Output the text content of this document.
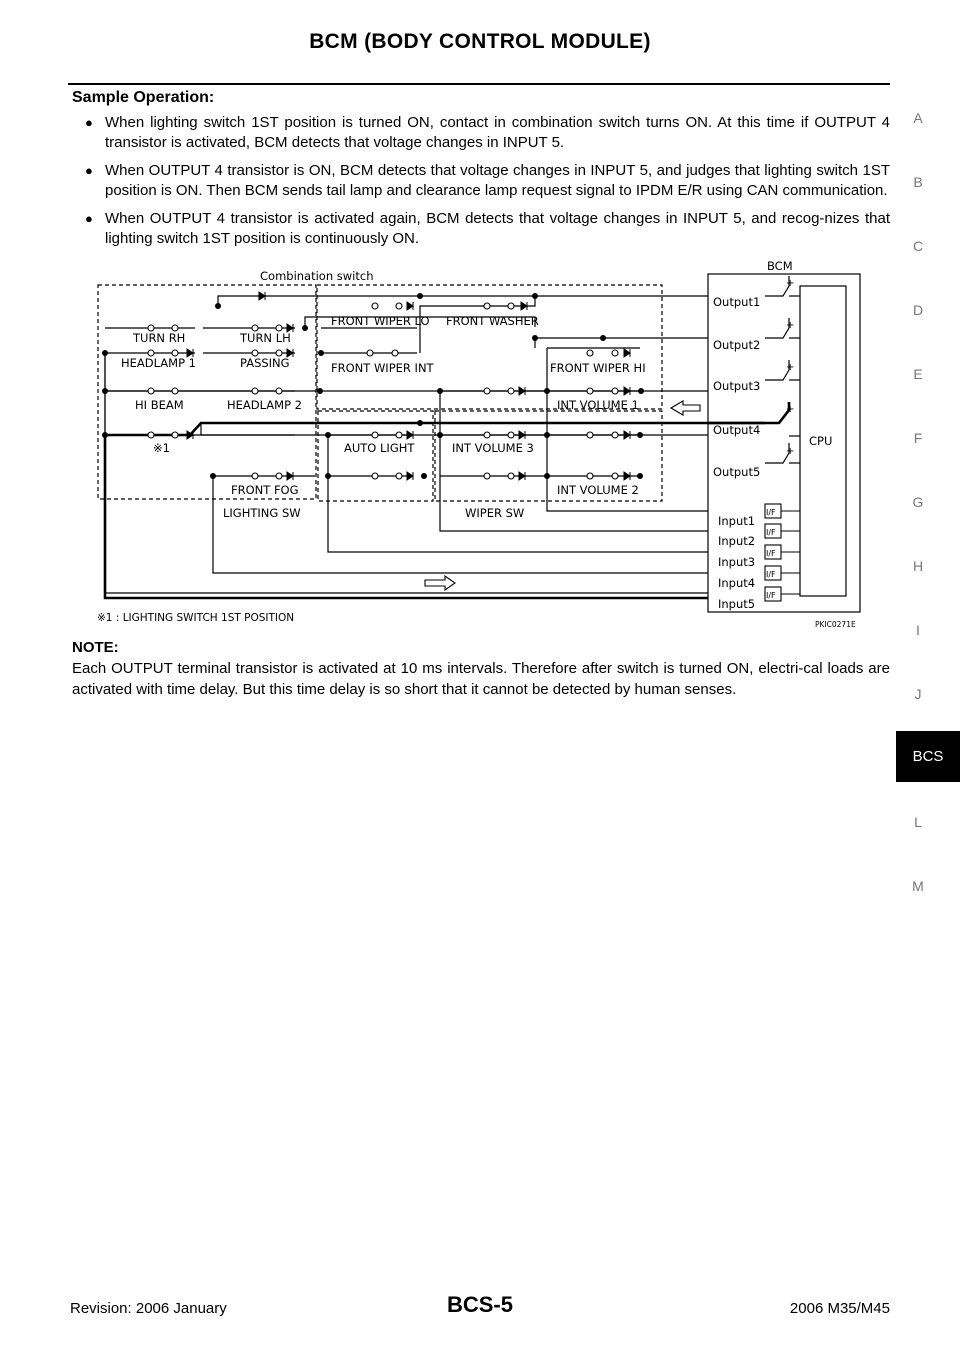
BCM (BODY CONTROL MODULE)
Sample Operation:
● When lighting switch 1ST position is turned ON, contact in combination switch turns ON. At this time if OUTPUT 4 transistor is activated, BCM detects that voltage changes in INPUT 5.
● When OUTPUT 4 transistor is ON, BCM detects that voltage changes in INPUT 5, and judges that lighting switch 1ST position is ON. Then BCM sends tail lamp and clearance lamp request signal to IPDM E/R using CAN communication.
● When OUTPUT 4 transistor is activated again, BCM detects that voltage changes in INPUT 5, and recog-nizes that lighting switch 1ST position is continuously ON.
Combination switch
BCM
CPU
TURN RH	TURN LH
HEADLAMP 1	PASSING
HI BEAM	HEADLAMP 2
※1
FRONT FOG
LIGHTING SW
FRONT WIPER LO FRONT WASHER
FRONT WIPER INT	FRONT WIPER HI
INT VOLUME 1
AUTO LIGHT	INT VOLUME 3
INT VOLUME 2
WIPER SW
Output1
Output2
Output3
Output4
Output5
Input1
Input2
Input3
Input4
Input5
I/F
I/F
I/F
I/F
I/F
+
+
+
+
+
※1 : LIGHTING SWITCH 1ST POSITION
PKIC0271E
NOTE:
Each OUTPUT terminal transistor is activated at 10 ms intervals. Therefore after switch is turned ON, electri-cal loads are activated with time delay. But this time delay is so short that it cannot be detected by human senses.
A
B
C
D
E
F
G
H
I
J
BCS
L
M
Revision: 2006 January	BCS-5	2006 M35/M45
